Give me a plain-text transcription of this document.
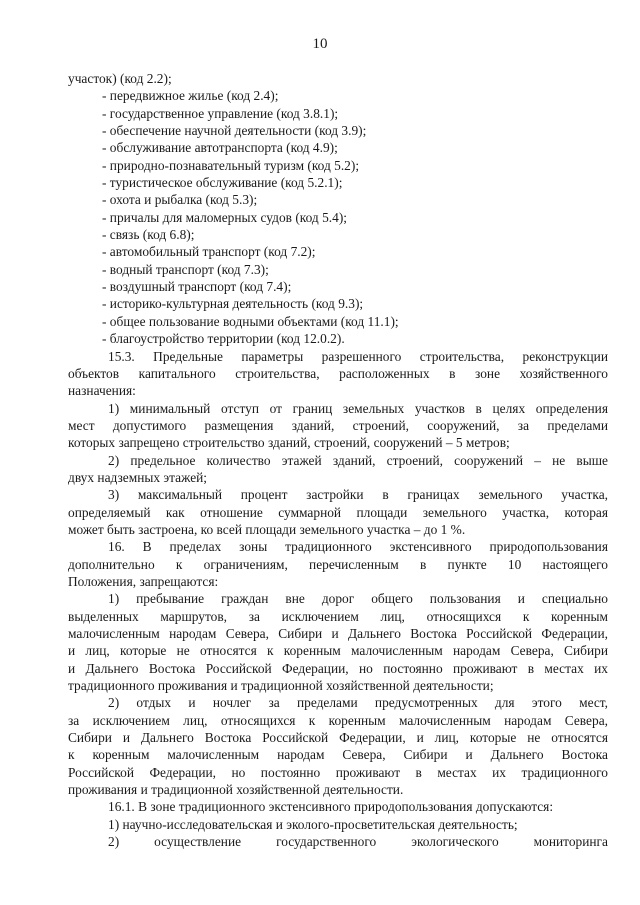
10
участок) (код 2.2);
- передвижное жилье (код 2.4);
- государственное управление (код 3.8.1);
- обеспечение научной деятельности (код 3.9);
- обслуживание автотранспорта (код 4.9);
- природно-познавательный туризм (код 5.2);
- туристическое обслуживание (код 5.2.1);
- охота и рыбалка (код 5.3);
- причалы для маломерных судов (код 5.4);
- связь (код 6.8);
- автомобильный транспорт (код 7.2);
- водный транспорт (код 7.3);
- воздушный транспорт (код 7.4);
- историко-культурная деятельность (код 9.3);
- общее пользование водными объектами (код 11.1);
- благоустройство территории (код 12.0.2).
15.3. Предельные параметры разрешенного строительства, реконструкции
объектов капитального строительства, расположенных в зоне хозяйственного
назначения:
1) минимальный отступ от границ земельных участков в целях определения
мест допустимого размещения зданий, строений, сооружений, за пределами
которых запрещено строительство зданий, строений, сооружений – 5 метров;
2) предельное количество этажей зданий, строений, сооружений – не выше
двух надземных этажей;
3) максимальный процент застройки в границах земельного участка,
определяемый как отношение суммарной площади земельного участка, которая
может быть застроена, ко всей площади земельного участка – до 1 %.
16. В пределах зоны традиционного экстенсивного природопользования
дополнительно к ограничениям, перечисленным в пункте 10 настоящего
Положения, запрещаются:
1) пребывание граждан вне дорог общего пользования и специально
выделенных маршрутов, за исключением лиц, относящихся к коренным
малочисленным народам Севера, Сибири и Дальнего Востока Российской Федерации,
и лиц, которые не относятся к коренным малочисленным народам Севера, Сибири
и Дальнего Востока Российской Федерации, но постоянно проживают в местах их
традиционного проживания и традиционной хозяйственной деятельности;
2) отдых и ночлег за пределами предусмотренных для этого мест,
за исключением лиц, относящихся к коренным малочисленным народам Севера,
Сибири и Дальнего Востока Российской Федерации, и лиц, которые не относятся
к коренным малочисленным народам Севера, Сибири и Дальнего Востока
Российской Федерации, но постоянно проживают в местах их традиционного
проживания и традиционной хозяйственной деятельности.
16.1. В зоне традиционного экстенсивного природопользования допускаются:
1) научно-исследовательская и эколого-просветительская деятельность;
2) осуществление государственного экологического мониторинга
